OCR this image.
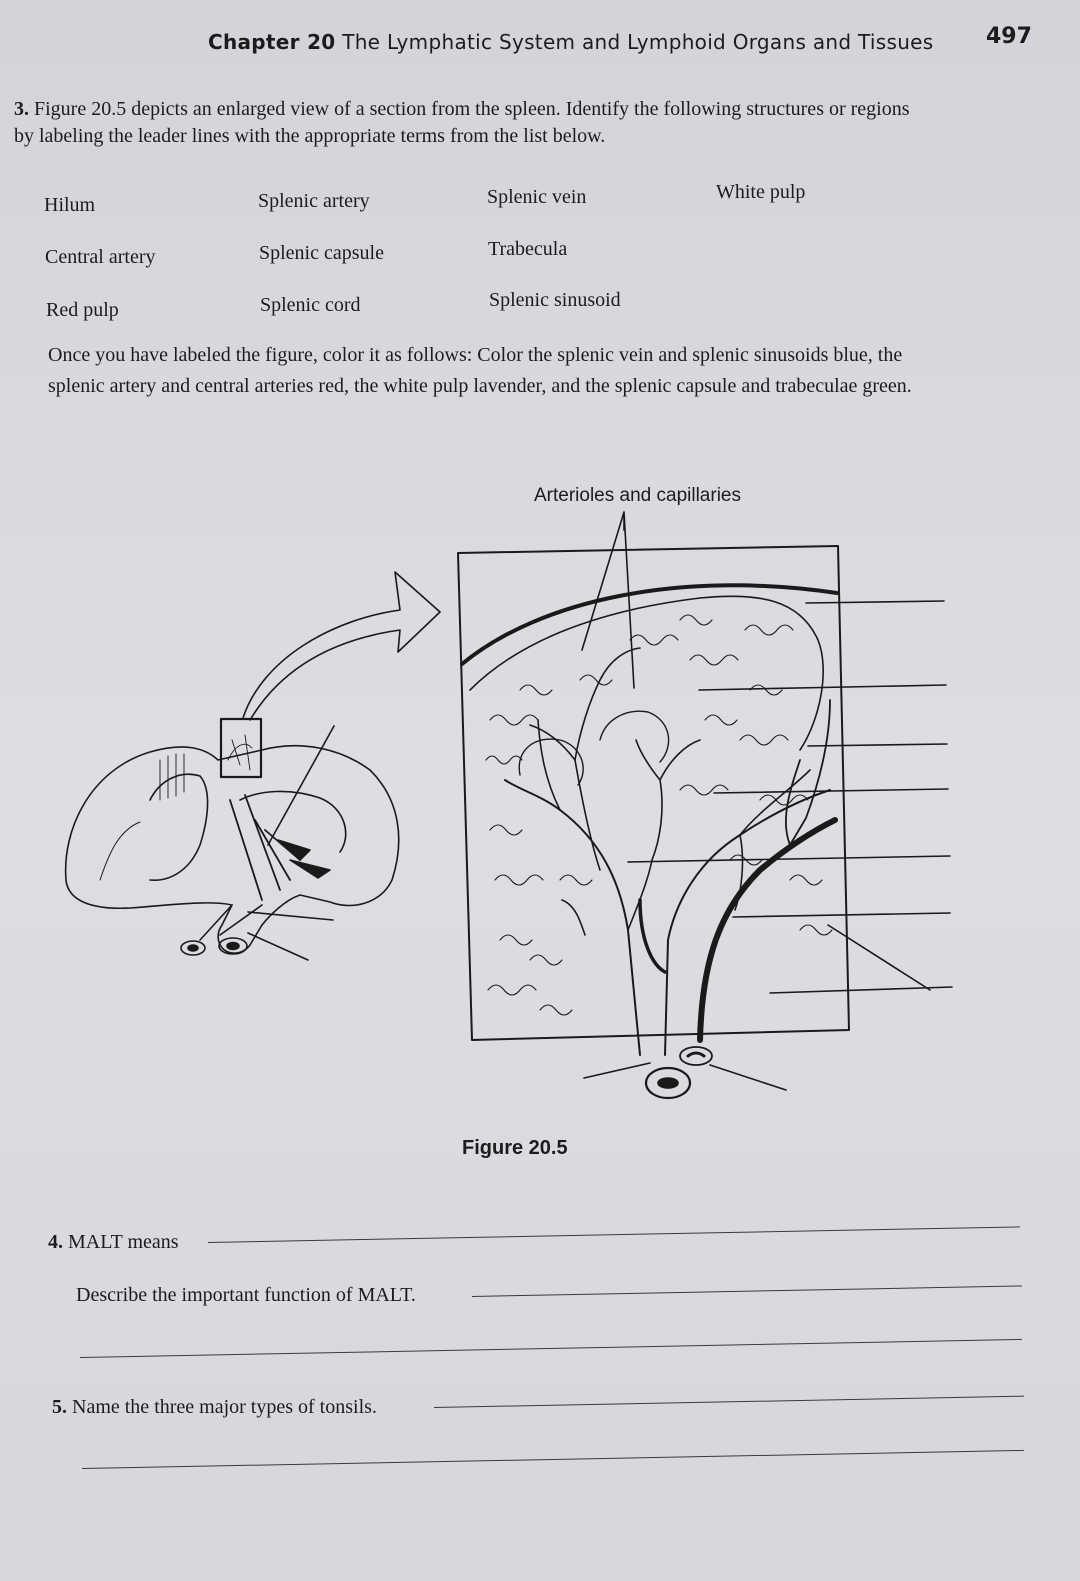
Chapter 20 The Lymphatic System and Lymphoid Organs and Tissues 497
3. Figure 20.5 depicts an enlarged view of a section from the spleen. Identify the following structures or regions by labeling the leader lines with the appropriate terms from the list below.
Hilum	Splenic artery	Splenic vein	White pulp
Central artery	Splenic capsule	Trabecula
Red pulp	Splenic cord	Splenic sinusoid
Once you have labeled the figure, color it as follows: Color the splenic vein and splenic sinusoids blue, the splenic artery and central arteries red, the white pulp lavender, and the splenic capsule and trabeculae green.
Arterioles and capillaries
Figure 20.5
4. MALT means
Describe the important function of MALT.
5. Name the three major types of tonsils.
